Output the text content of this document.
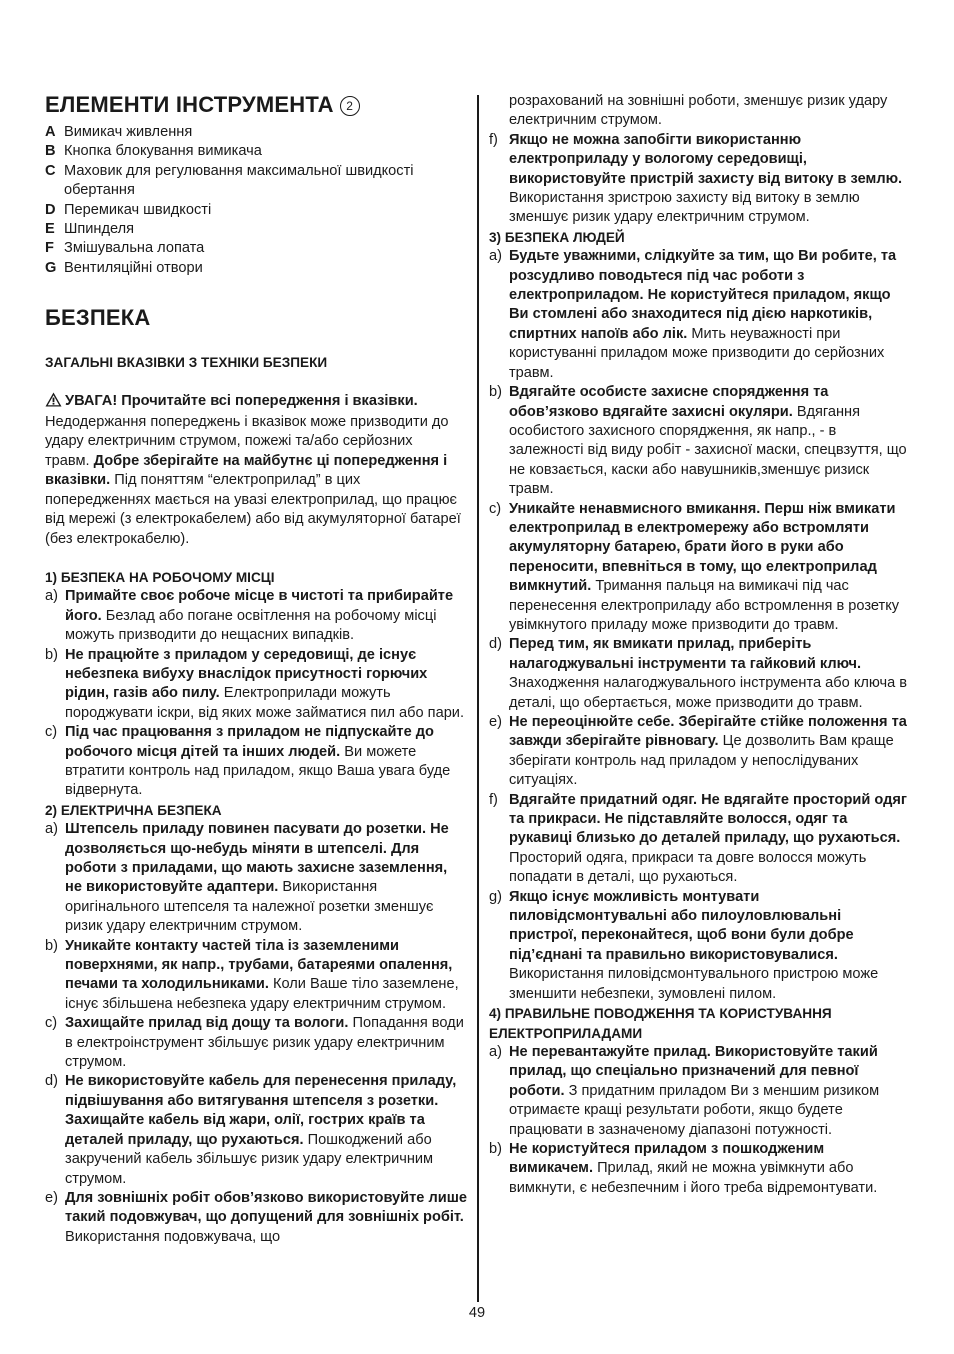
ЕЛЕМЕНТИ ІНСТРУМЕНТА 2
A Вимикач живлення
B Кнопка блокування вимикача
C Маховик для регулювання максимальної швидкості обертання
D Перемикач швидкості
E Шпинделя
F Змішувальна лопата
G Вентиляційні отвори
БЕЗПЕКА
ЗАГАЛЬНІ ВКАЗІВКИ З ТЕХНІКИ БЕЗПЕКИ
УВАГА! Прочитайте всі попередження і вказівки. Недодержання попереджень і вказівок може призводити до удару електричним струмом, пожежі та/або серйозних травм. Добре зберігайте на майбутнє ці попередження і вказівки. Під поняттям “електроприлад” в цих попередженнях мається на увазі електроприлад, що працює від мережі (з електрокабелем) або від акумуляторної батареї (без електрокабелю).
1) БЕЗПЕКА НА РОБОЧОМУ МІСЦІ
a) Примайте своє робоче місце в чистоті та прибирайте його. Безлад або погане освітлення на робочому місці можуть призводити до нещасних випадків.
b) Не працюйте з приладом у середовищі, де існує небезпека вибуху внаслідок присутності горючих рідин, газів або пилу. Електроприлади можуть породжувати іскри, від яких може займатися пил або пари.
c) Під час працювання з приладом не підпускайте до робочого місця дітей та інших людей. Ви можете втратити контроль над приладом, якщо Ваша увага буде відвернута.
2) ЕЛЕКТРИЧНА БЕЗПЕКА
a) Штепсель приладу повинен пасувати до розетки. Не дозволяється що-небудь міняти в штепселі. Для роботи з приладами, що мають захисне заземлення, не використовуйте адаптери. Використання оригінального штепселя та належної розетки зменшує ризик удару електричним струмом.
b) Уникайте контакту частей тіла із заземленими поверхнями, як напр., трубами, батареями опалення, печами та холодильниками. Коли Ваше тіло заземлене, існує збільшена небезпека удару електричним струмом.
c) Захищайте прилад від дощу та вологи. Попадання води в електроінструмент збільшує ризик удару електричним струмом.
d) Не використовуйте кабель для перенесення приладу, підвішування або витягування штепселя з розетки. Захищайте кабель від жари, олії, гострих країв та деталей приладу, що рухаються. Пошкоджений або закручений кабель збільшує ризик удару електричним струмом.
e) Для зовнішніх робіт обов’язково використовуйте лише такий подовжувач, що допущений для зовнішніх робіт. Використання подовжувача, що
розрахований на зовнішні роботи, зменшує ризик удару електричним струмом.
f) Якщо не можна запобігти використанню електроприладу у вологому середовищі, використовуйте пристрій захисту від витоку в землю. Використання зристрою захисту від витоку в землю зменшує ризик удару електричним струмом.
3) БЕЗПЕКА ЛЮДЕЙ
a) Будьте уважними, слідкуйте за тим, що Ви робите, та розсудливо поводьтеся під час роботи з електроприладом. Не користуйтеся приладом, якщо Ви стомлені або знаходитеся під дією наркотиків, спиртних напоїв або лік. Мить неуважності при користуванні приладом може призводити до серйозних травм.
b) Вдягайте особисте захисне спорядження та обов’язково вдягайте захисні окуляри. Вдягання особистого захисного спорядження, як напр., - в залежності від виду робіт - захисної маски, спецвзуття, що не ковзається, каски або навушників,зменшує ризиск травм.
c) Уникайте ненавмисного вмикання. Перш ніж вмикати електроприлад в електромережу або встромляти акумуляторну батарею, брати його в руки або переносити, впевніться в тому, що електроприлад вимкнутий. Тримання пальця на вимикачі під час перенесення електроприладу або встромлення в розетку увімкнутого приладу може призводити до травм.
d) Перед тим, як вмикати прилад, приберіть налагоджувальні інструменти та гайковий ключ. Знаходження налагоджувального інструмента або ключа в деталі, що обертається, може призводити до травм.
e) Не переоцінюйте себе. Зберігайте стійке положення та завжди зберігайте рівновагу. Це дозволить Вам краще зберігати контроль над приладом у непослідуваних ситуаціях.
f) Вдягайте придатний одяг. Не вдягайте просторий одяг та прикраси. Не підставляйте волосся, одяг та рукавиці близько до деталей приладу, що рухаються. Просторий одяга, прикраси та довге волосся можуть попадати в деталі, що рухаються.
g) Якщо існує можливість монтувати пиловідсмонтувальні або пилоуловлювальні пристрої, переконайтеся, щоб вони були добре під’єднані та правильно використовувалися. Використання пиловідсмонтувального пристрою може зменшити небезпеки, зумовлені пилом.
4) ПРАВИЛЬНЕ ПОВОДЖЕННЯ ТА КОРИСТУВАННЯ ЕЛЕКТРОПРИЛАДАМИ
a) Не перевантажуйте прилад. Використовуйте такий прилад, що спеціально призначений для певної роботи. З придатним приладом Ви з меншим ризиком отримаєте кращі результати роботи, якщо будете працювати в зазначеному діапазоні потужності.
b) Не користуйтеся приладом з пошкодженим вимикачем. Прилад, який не можна увімкнути або вимкнути, є небезпечним і його треба відремонтувати.
49
